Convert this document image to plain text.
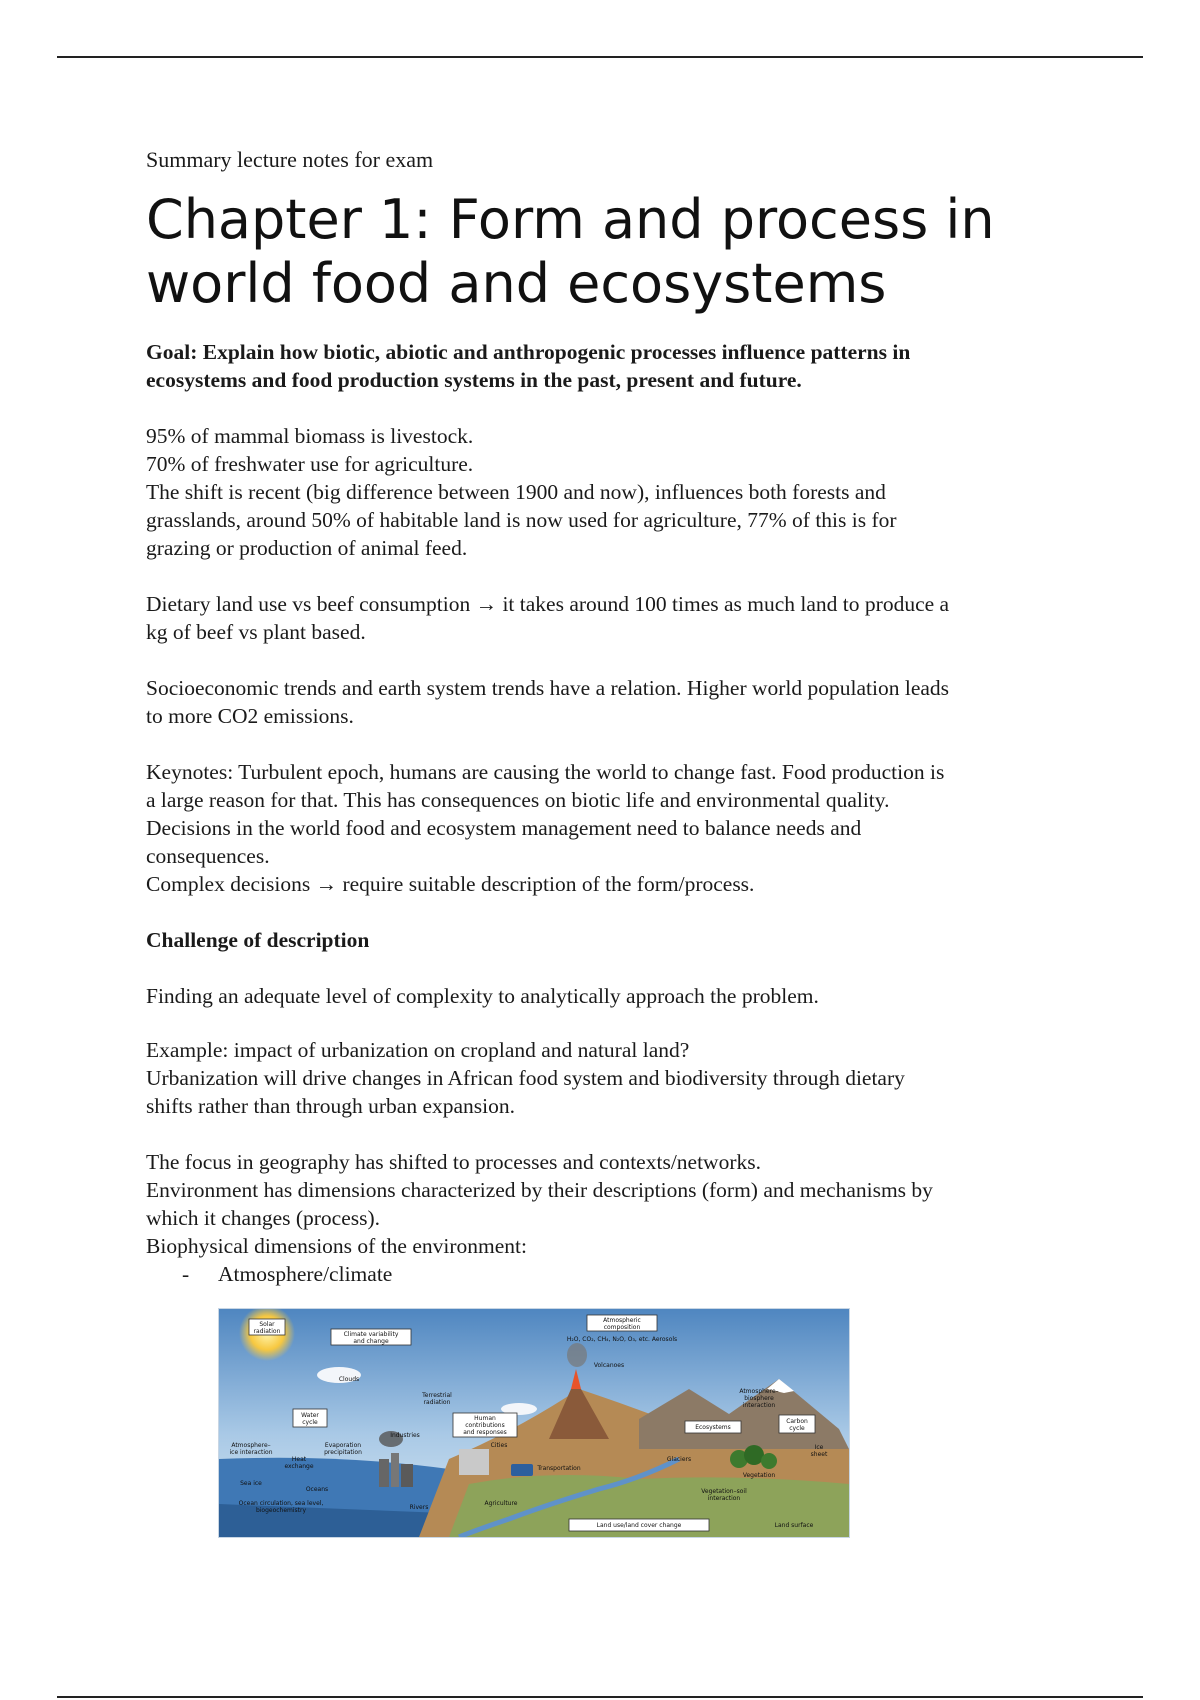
Summary lecture notes for exam

Chapter 1: Form and process in
world food and ecosystems

Goal: Explain how biotic, abiotic and anthropogenic processes influence patterns in
ecosystems and food production systems in the past, present and future.

95% of mammal biomass is livestock.
70% of freshwater use for agriculture.
The shift is recent (big difference between 1900 and now), influences both forests and
grasslands, around 50% of habitable land is now used for agriculture, 77% of this is for
grazing or production of animal feed.

Dietary land use vs beef consumption → it takes around 100 times as much land to produce a
kg of beef vs plant based.

Socioeconomic trends and earth system trends have a relation. Higher world population leads
to more CO2 emissions.

Keynotes: Turbulent epoch, humans are causing the world to change fast. Food production is
a large reason for that. This has consequences on biotic life and environmental quality.
Decisions in the world food and ecosystem management need to balance needs and
consequences.
Complex decisions → require suitable description of the form/process.

Challenge of description

Finding an adequate level of complexity to analytically approach the problem.

Example: impact of urbanization on cropland and natural land?
Urbanization will drive changes in African food system and biodiversity through dietary
shifts rather than through urban expansion.

The focus in geography has shifted to processes and contexts/networks.
Environment has dimensions characterized by their descriptions (form) and mechanisms by
which it changes (process).
Biophysical dimensions of the environment:

-	Atmosphere/climate
Solar
radiation	Climate variability
and change
Atmospheric
composition
H₂O, CO₂, CH₄, N₂O, O₃, etc. Aerosols
Volcanoes
Clouds
Terrestrial
radiation
Water
cycle
Industries
Human
contributions
and responses
Cities
Atmosphere–
biosphere
interaction
Ecosystems
Carbon
cycle
Atmosphere–
ice interaction
Evaporation
precipitation
Heat
exchange	Transportation
Glaciers
Ice
sheet
Sea ice
Oceans
Vegetation
Ocean circulation, sea level,
biogeochemistry	Rivers
Agriculture
Vegetation–soil
interaction
Land use/land cover change	Land surface
